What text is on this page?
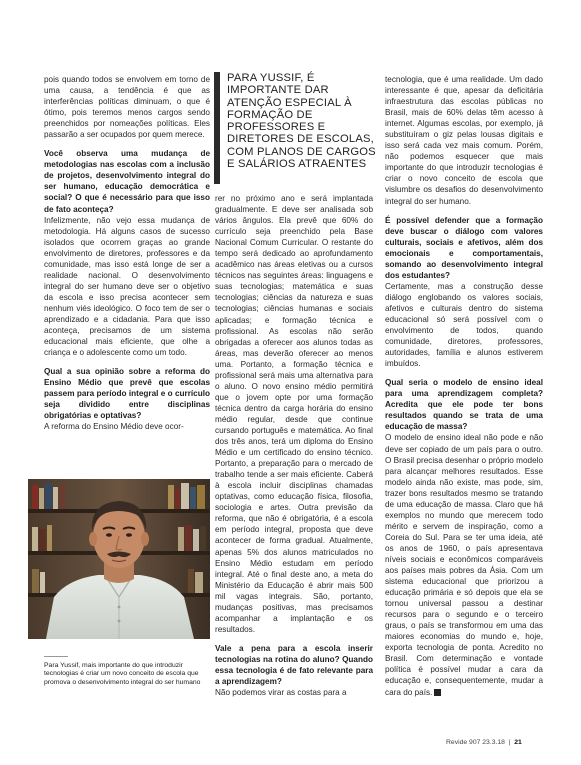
pois quando todos se envolvem em torno de uma causa, a tendência é que as interferências políticas diminuam, o que é ótimo, pois teremos menos cargos sendo preenchidos por nomeações políticas. Eles passarão a ser ocupados por quem merece.

Você observa uma mudança de metodologias nas escolas com a inclusão de projetos, desenvolvimento integral do ser humano, educação democrática e social? O que é necessário para que isso de fato aconteça?

Infelizmente, não vejo essa mudança de metodologia. Há alguns casos de sucesso isolados que ocorrem graças ao grande envolvimento de diretores, professores e da comunidade, mas isso está longe de ser a realidade nacional. O desenvolvimento integral do ser humano deve ser o objetivo da escola e isso precisa acontecer sem nenhum viés ideológico. O foco tem de ser o aprendizado e a cidadania. Para que isso aconteça, precisamos de um sistema educacional mais eficiente, que olhe a criança e o adolescente como um todo.

Qual a sua opinião sobre a reforma do Ensino Médio que prevê que escolas passem para período integral e o currículo seja dividido entre disciplinas obrigatórias e optativas?

A reforma do Ensino Médio deve ocor-

PARA YUSSIF, É IMPORTANTE DAR ATENÇÃO ESPECIAL À FORMAÇÃO DE PROFESSORES E DIRETORES DE ESCOLAS, COM PLANOS DE CARGOS E SALÁRIOS ATRAENTES

rer no próximo ano e será implantada gradualmente. E deve ser analisada sob vários ângulos. Ela prevê que 60% do currículo seja preenchido pela Base Nacional Comum Curricular. O restante do tempo será dedicado ao aprofundamento acadêmico nas áreas eletivas ou a cursos técnicos nas seguintes áreas: linguagens e suas tecnologias; matemática e suas tecnologias; ciências da natureza e suas tecnologias; ciências humanas e sociais aplicadas; e formação técnica e profissional. As escolas não serão obrigadas a oferecer aos alunos todas as áreas, mas deverão oferecer ao menos uma. Portanto, a formação técnica e profissional será mais uma alternativa para o aluno. O novo ensino médio permitirá que o jovem opte por uma formação técnica dentro da carga horária do ensino médio regular, desde que continue cursando português e matemática. Ao final dos três anos, terá um diploma do Ensino Médio e um certificado do ensino técnico. Portanto, a preparação para o mercado de trabalho tende a ser mais eficiente. Caberá à escola incluir disciplinas chamadas optativas, como educação física, filosofia, sociologia e artes. Outra previsão da reforma, que não é obrigatória, é a escola em período integral, proposta que deve acontecer de forma gradual. Atualmente, apenas 5% dos alunos matriculados no Ensino Médio estudam em período integral. Até o final deste ano, a meta do Ministério da Educação é abrir mais 500 mil vagas integrais. São, portanto, mudanças positivas, mas precisamos acompanhar a implantação e os resultados.

Vale a pena para a escola inserir tecnologias na rotina do aluno? Quando essa tecnologia é de fato relevante para a aprendizagem?

Não podemos virar as costas para a

tecnologia, que é uma realidade. Um dado interessante é que, apesar da deficitária infraestrutura das escolas públicas no Brasil, mais de 60% delas têm acesso à internet. Algumas escolas, por exemplo, já substituíram o giz pelas lousas digitais e isso será cada vez mais comum. Porém, não podemos esquecer que mais importante do que introduzir tecnologias é criar o novo conceito de escola que vislumbre os desafios do desenvolvimento integral do ser humano.

É possível defender que a formação deve buscar o diálogo com valores culturais, sociais e afetivos, além dos emocionais e comportamentais, somando ao desenvolvimento integral dos estudantes?

Certamente, mas a construção desse diálogo englobando os valores sociais, afetivos e culturais dentro do sistema educacional só será possível com o envolvimento de todos, quando comunidade, diretores, professores, autoridades, família e alunos estiverem imbuídos.

Qual seria o modelo de ensino ideal para uma aprendizagem completa? Acredita que ele pode ter bons resultados quando se trata de uma educação de massa?

O modelo de ensino ideal não pode e não deve ser copiado de um país para o outro. O Brasil precisa desenhar o próprio modelo para alcançar melhores resultados. Esse modelo ainda não existe, mas pode, sim, trazer bons resultados mesmo se tratando de uma educação de massa. Claro que há exemplos no mundo que merecem todo mérito e servem de inspiração, como a Coreia do Sul. Para se ter uma ideia, até os anos de 1960, o país apresentava níveis sociais e econômicos comparáveis aos países mais pobres da Ásia. Com um sistema educacional que priorizou a educação primária e só depois que ela se tornou universal passou a destinar recursos para o segundo e o terceiro graus, o país se transformou em uma das maiores economias do mundo e, hoje, exporta tecnologia de ponta. Acredito no Brasil. Com determinação e vontade política é possível mudar a cara da educação e, consequentemente, mudar a cara do país.

Para Yussif, mais importante do que introduzir tecnologias é criar um novo conceito de escola que promova o desenvolvimento integral do ser humano
Revide 907 23.3.18  |  21
